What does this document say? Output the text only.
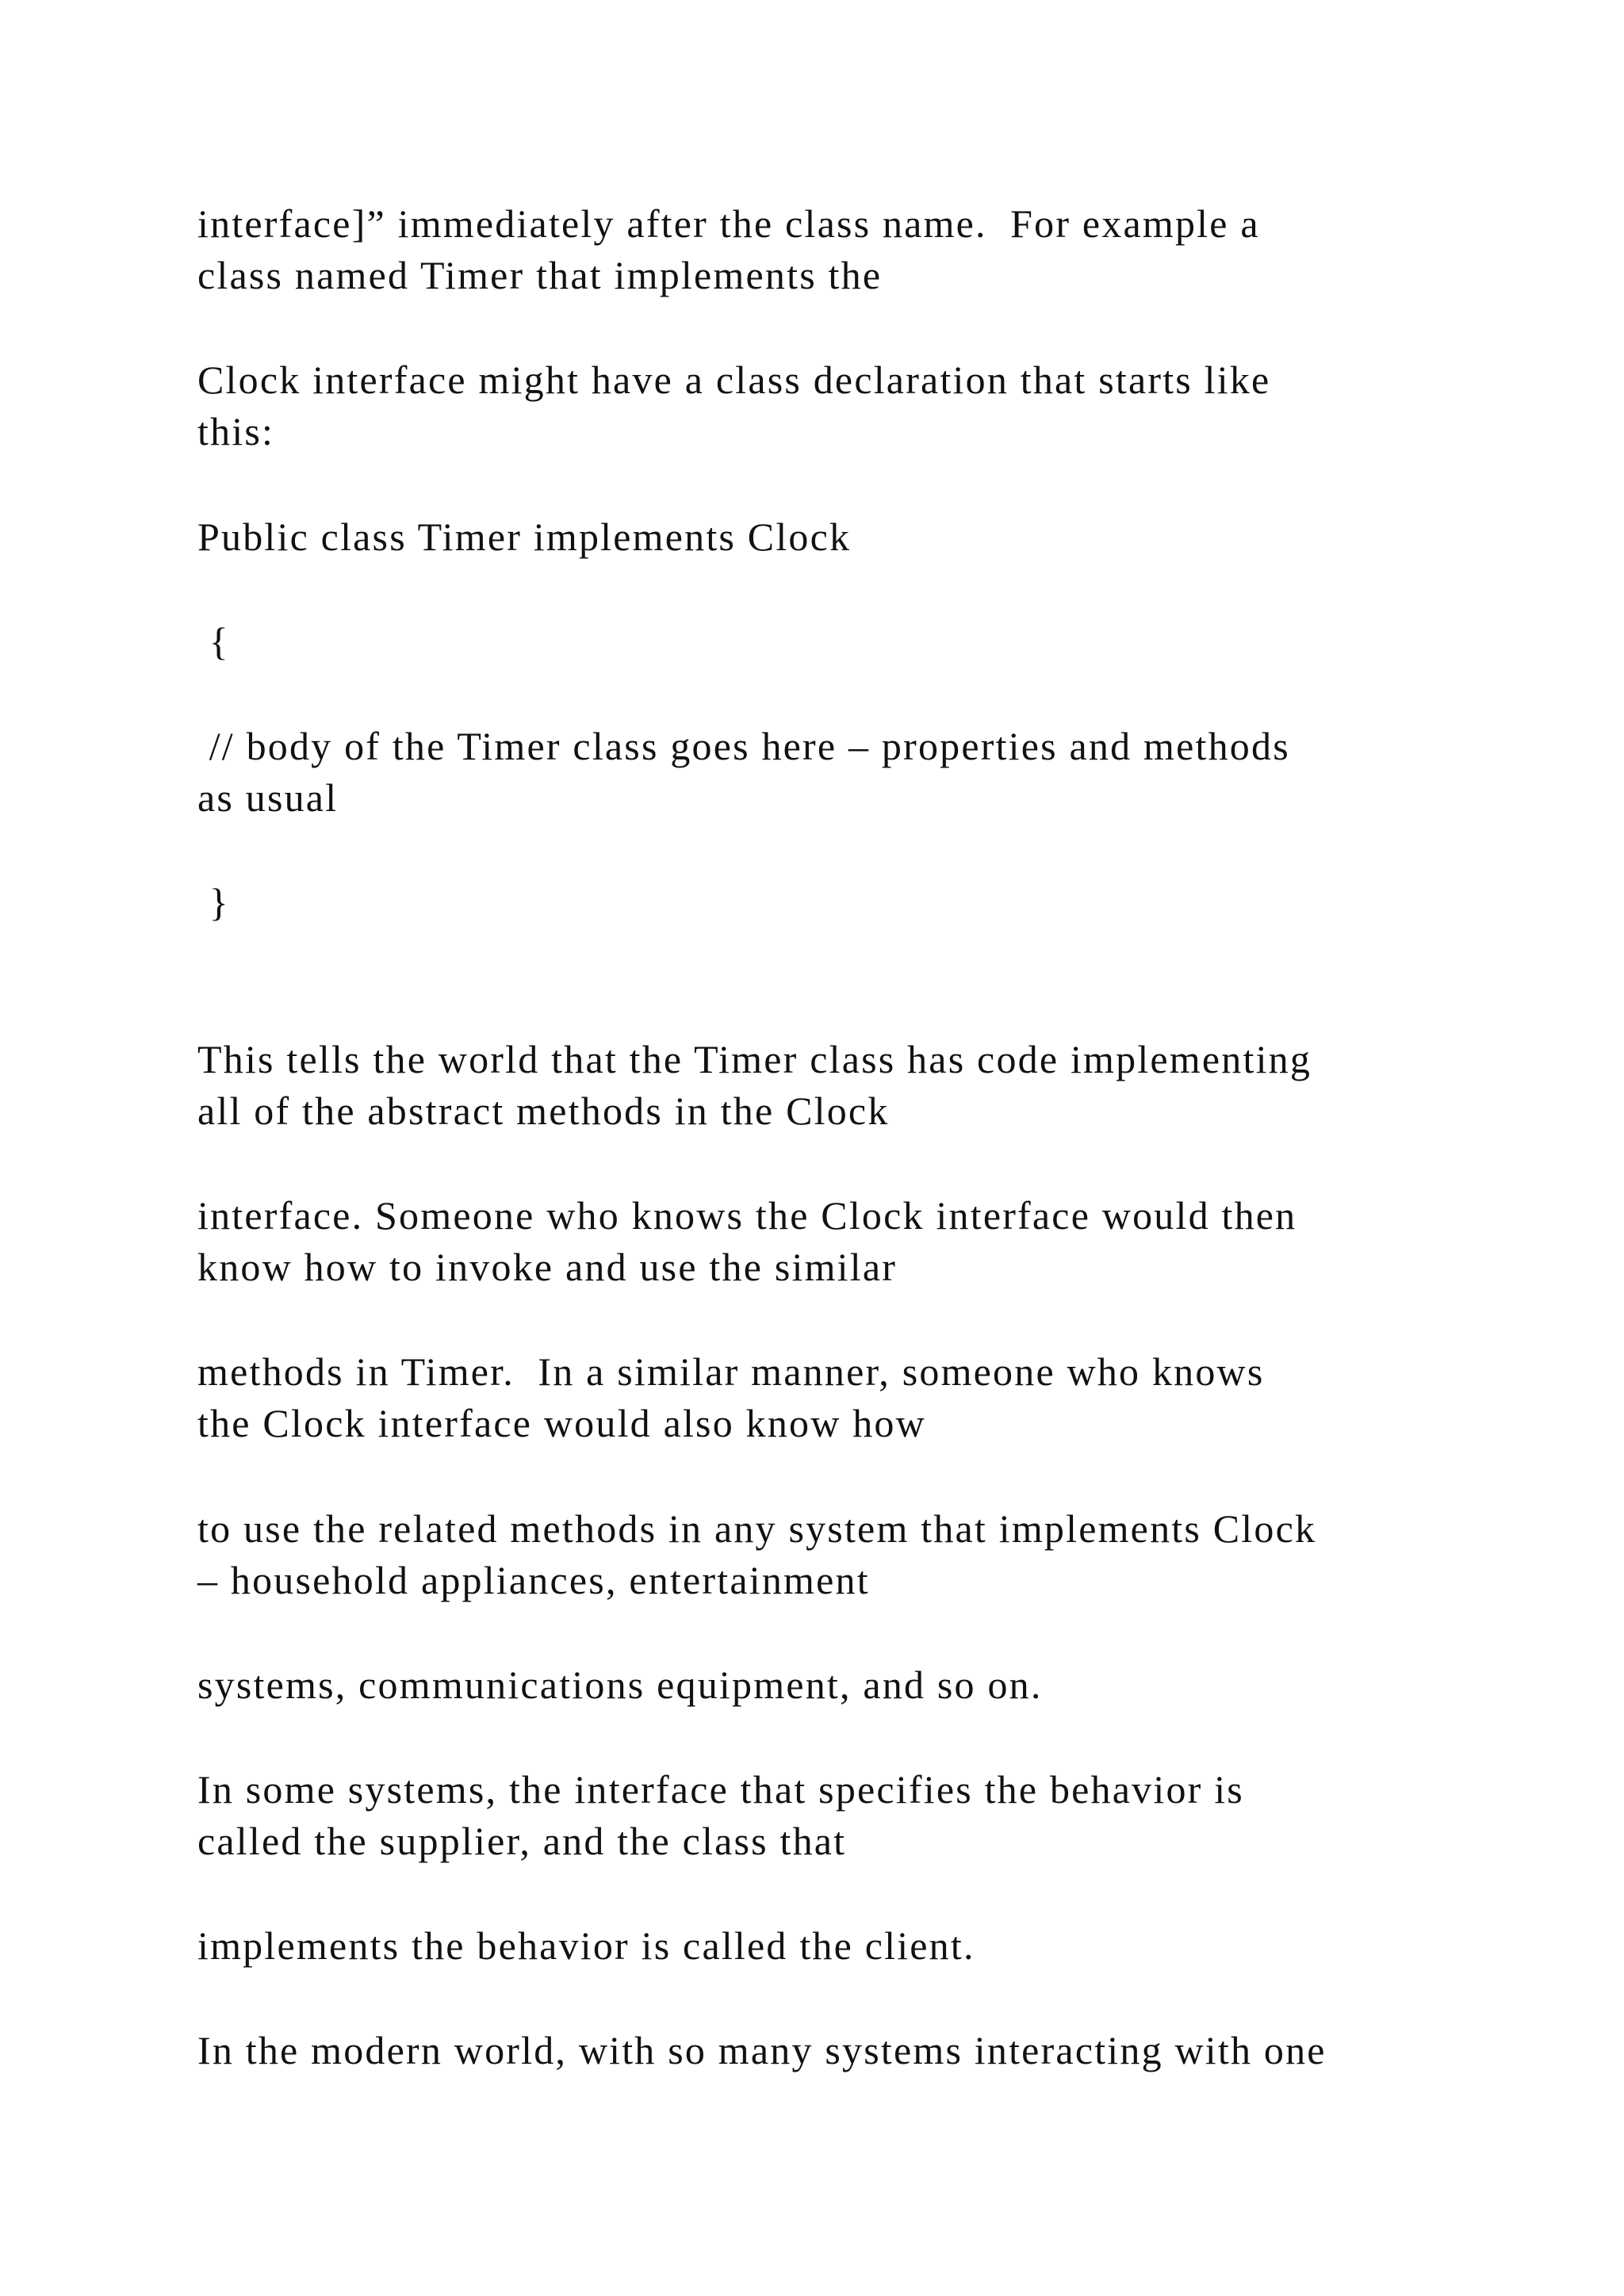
interface]” immediately after the class name.  For example a

class named Timer that implements the

Clock interface might have a class declaration that starts like

this:

Public class Timer implements Clock

{

// body of the Timer class goes here – properties and methods

as usual

}

This tells the world that the Timer class has code implementing

all of the abstract methods in the Clock

interface. Someone who knows the Clock interface would then

know how to invoke and use the similar

methods in Timer.  In a similar manner, someone who knows

the Clock interface would also know how

to use the related methods in any system that implements Clock

– household appliances, entertainment

systems, communications equipment, and so on.

In some systems, the interface that specifies the behavior is

called the supplier, and the class that

implements the behavior is called the client.

In the modern world, with so many systems interacting with one
